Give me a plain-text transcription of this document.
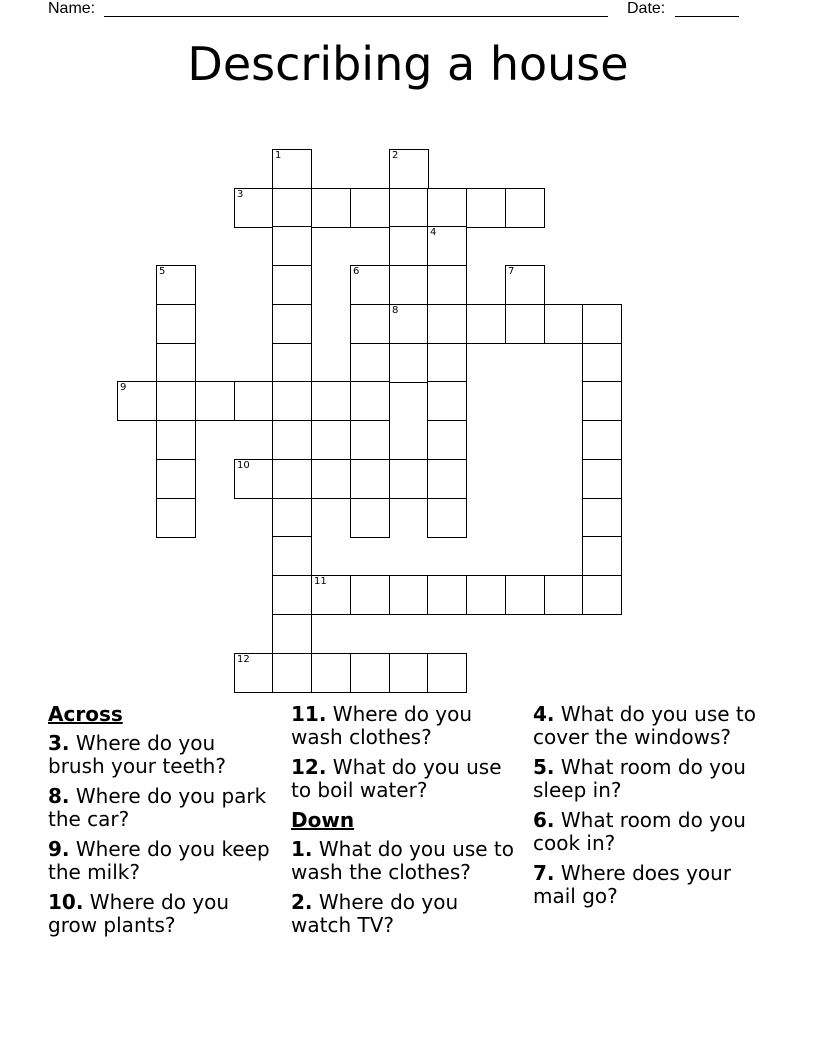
Name:	Date:
Describing a house
1	2
3
4
5	6	7
8
9
10
11
12
Across
3. Where do you brush your teeth?
8. Where do you park the car?
9. Where do you keep the milk?
10. Where do you grow plants?
11. Where do you wash clothes?
12. What do you use to boil water?
Down
1. What do you use to wash the clothes?
2. Where do you watch TV?
4. What do you use to cover the windows?
5. What room do you sleep in?
6. What room do you cook in?
7. Where does your mail go?
